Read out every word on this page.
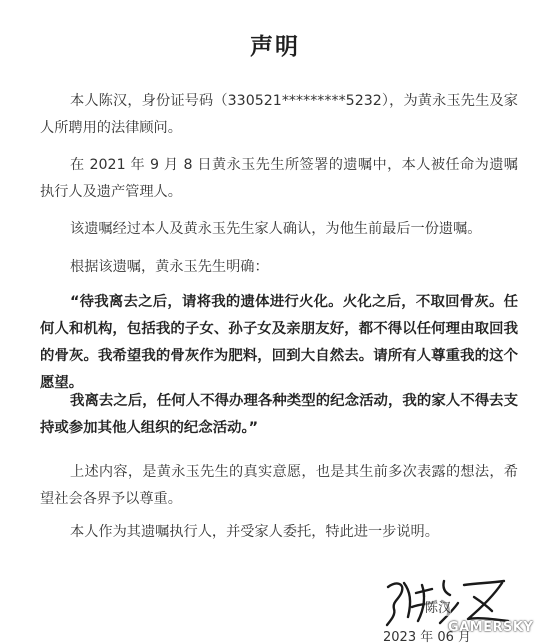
声明

本人陈汉，身份证号码（330521*********5232），为黄永玉先生及家人所聘用的法律顾问。

在 2021 年 9 月 8 日黄永玉先生所签署的遗嘱中，本人被任命为遗嘱执行人及遗产管理人。

该遗嘱经过本人及黄永玉先生家人确认，为他生前最后一份遗嘱。

根据该遗嘱，黄永玉先生明确：

“待我离去之后，请将我的遗体进行火化。火化之后，不取回骨灰。任何人和机构，包括我的子女、孙子女及亲朋友好，都不得以任何理由取回我的骨灰。我希望我的骨灰作为肥料，回到大自然去。请所有人尊重我的这个愿望。

我离去之后，任何人不得办理各种类型的纪念活动，我的家人不得去支持或参加其他人组织的纪念活动。”

上述内容，是黄永玉先生的真实意愿，也是其生前多次表露的想法，希望社会各界予以尊重。

本人作为其遗嘱执行人，并受家人委托，特此进一步说明。

陈汉
2023 年 06 月
GAMERSKY
